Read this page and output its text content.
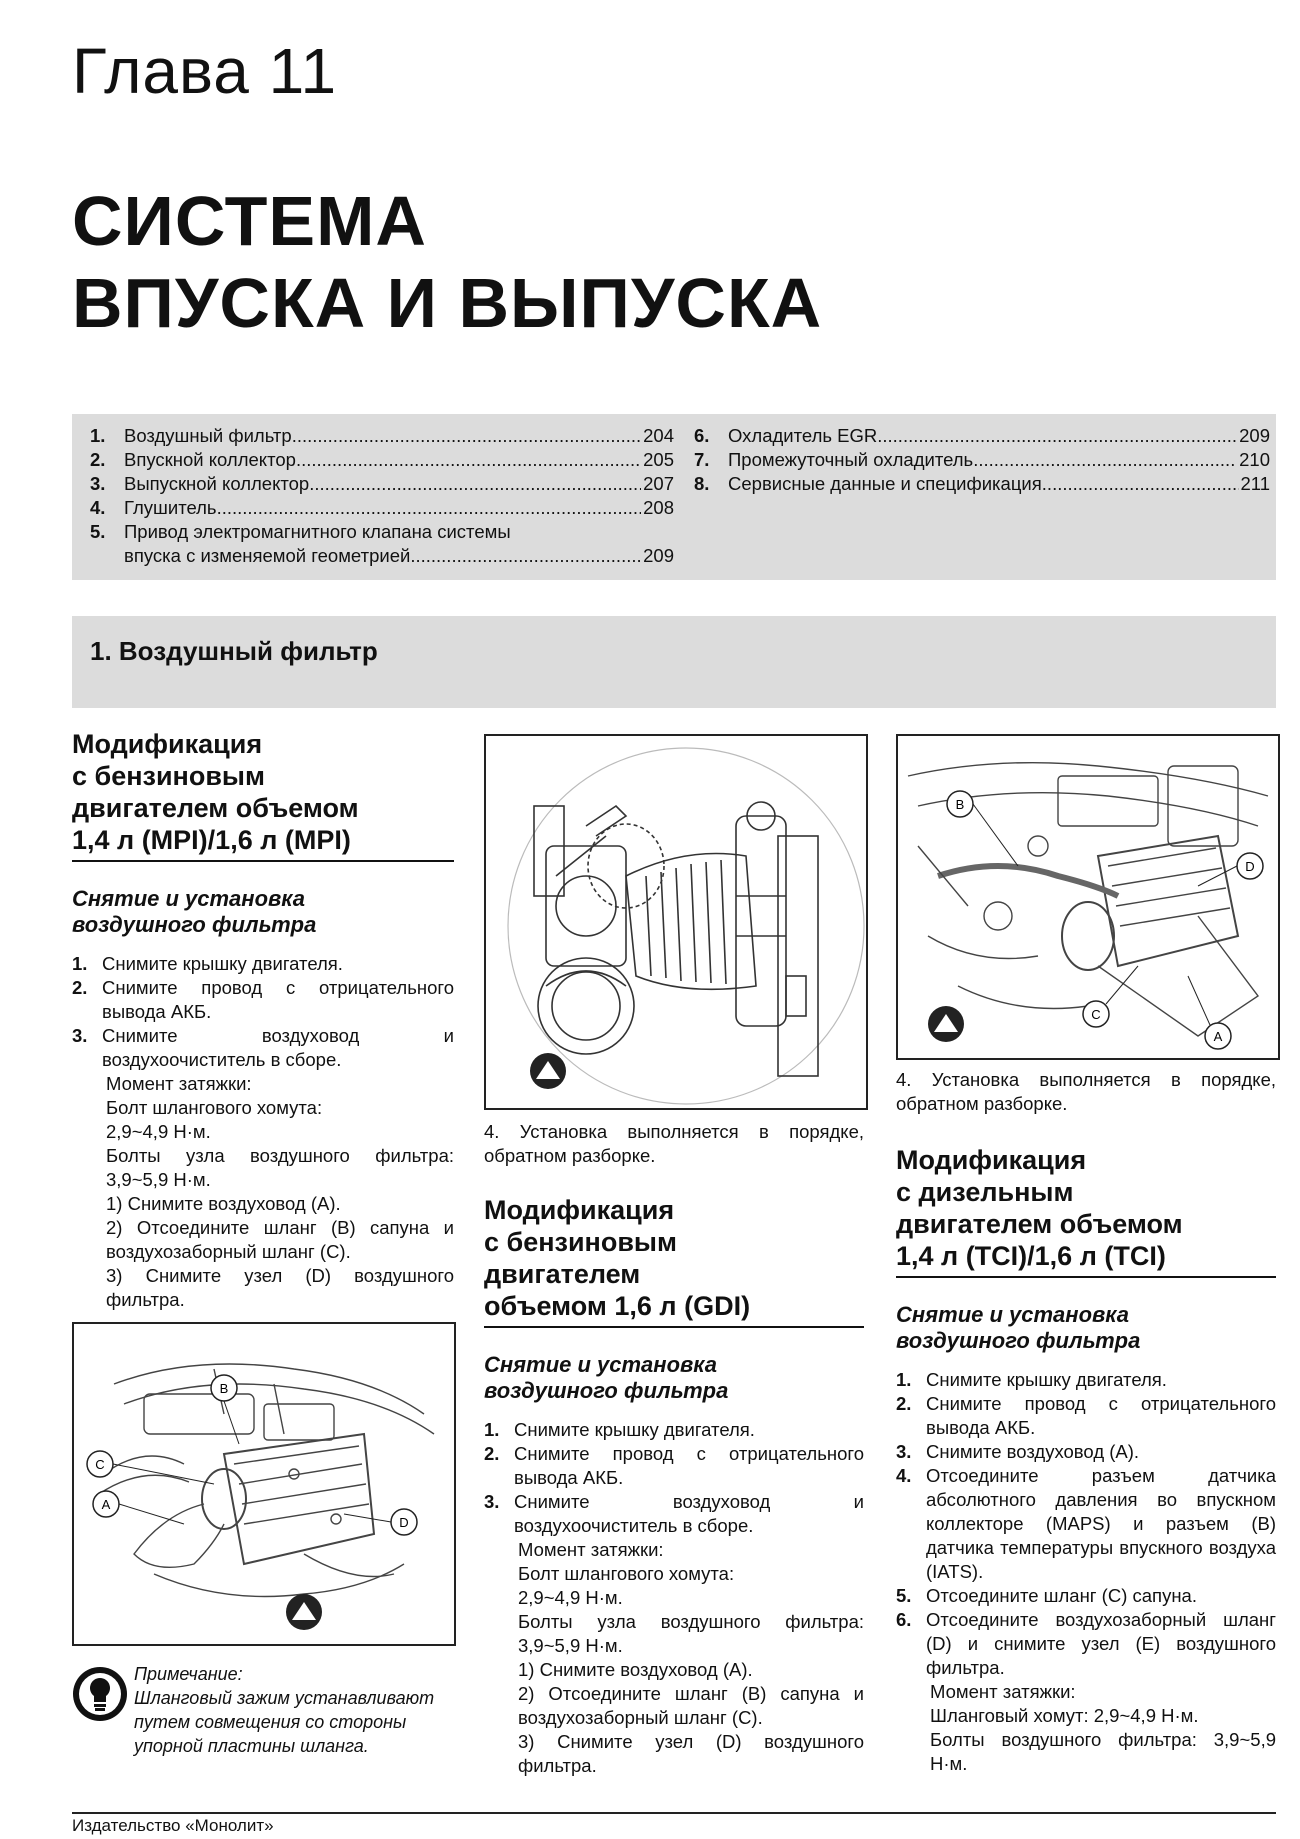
Глава 11
СИСТЕМА
ВПУСКА И ВЫПУСКА
1.	Воздушный фильтр .....	204
2.	Впускной коллектор .....	205
3.	Выпускной коллектор .....	207
4.	Глушитель .....	208
5.	Привод электромагнитного клапана системы
впуска с изменяемой геометрией .....	209
6.	Охладитель EGR .....	209
7.	Промежуточный охладитель .....	210
8.	Сервисные данные и спецификация .....	211
1. Воздушный фильтр
Модификация
с бензиновым
двигателем объемом
1,4 л (MPI)/1,6 л (MPI)
Снятие и установка
воздушного фильтра
1. Снимите крышку двигателя.
2. Снимите провод с отрицательного вывода АКБ.
3. Снимите воздуховод и воздухоочиститель в сборе.
Момент затяжки:
Болт шлангового хомута:
2,9~4,9 Н·м.
Болты узла воздушного фильтра: 3,9~5,9 Н·м.
1) Снимите воздуховод (A).
2) Отсоедините шланг (B) сапуна и воздухозаборный шланг (C).
3) Снимите узел (D) воздушного фильтра.
B
C
A
D
Примечание:
Шланговый зажим устанавливают путем совмещения со стороны упорной пластины шланга.
4. Установка выполняется в порядке, обратном разборке.
Модификация
с бензиновым
двигателем
объемом 1,6 л (GDI)
Снятие и установка
воздушного фильтра
1. Снимите крышку двигателя.
2. Снимите провод с отрицательного вывода АКБ.
3. Снимите воздуховод и воздухоочиститель в сборе.
Момент затяжки:
Болт шлангового хомута:
2,9~4,9 Н·м.
Болты узла воздушного фильтра: 3,9~5,9 Н·м.
1) Снимите воздуховод (A).
2) Отсоедините шланг (B) сапуна и воздухозаборный шланг (C).
3) Снимите узел (D) воздушного фильтра.
B
D
C
A
4. Установка выполняется в порядке, обратном разборке.
Модификация
с дизельным
двигателем объемом
1,4 л (TCI)/1,6 л (TCI)
Снятие и установка
воздушного фильтра
1. Снимите крышку двигателя.
2. Снимите провод с отрицательного вывода АКБ.
3. Снимите воздуховод (A).
4. Отсоедините разъем датчика абсолютного давления во впускном коллекторе (MAPS) и разъем (B) датчика температуры впускного воздуха (IATS).
5. Отсоедините шланг (C) сапуна.
6. Отсоедините воздухозаборный шланг (D) и снимите узел (E) воздушного фильтра.
Момент затяжки:
Шланговый хомут: 2,9~4,9 Н·м.
Болты воздушного фильтра: 3,9~5,9 Н·м.
Издательство «Монолит»
